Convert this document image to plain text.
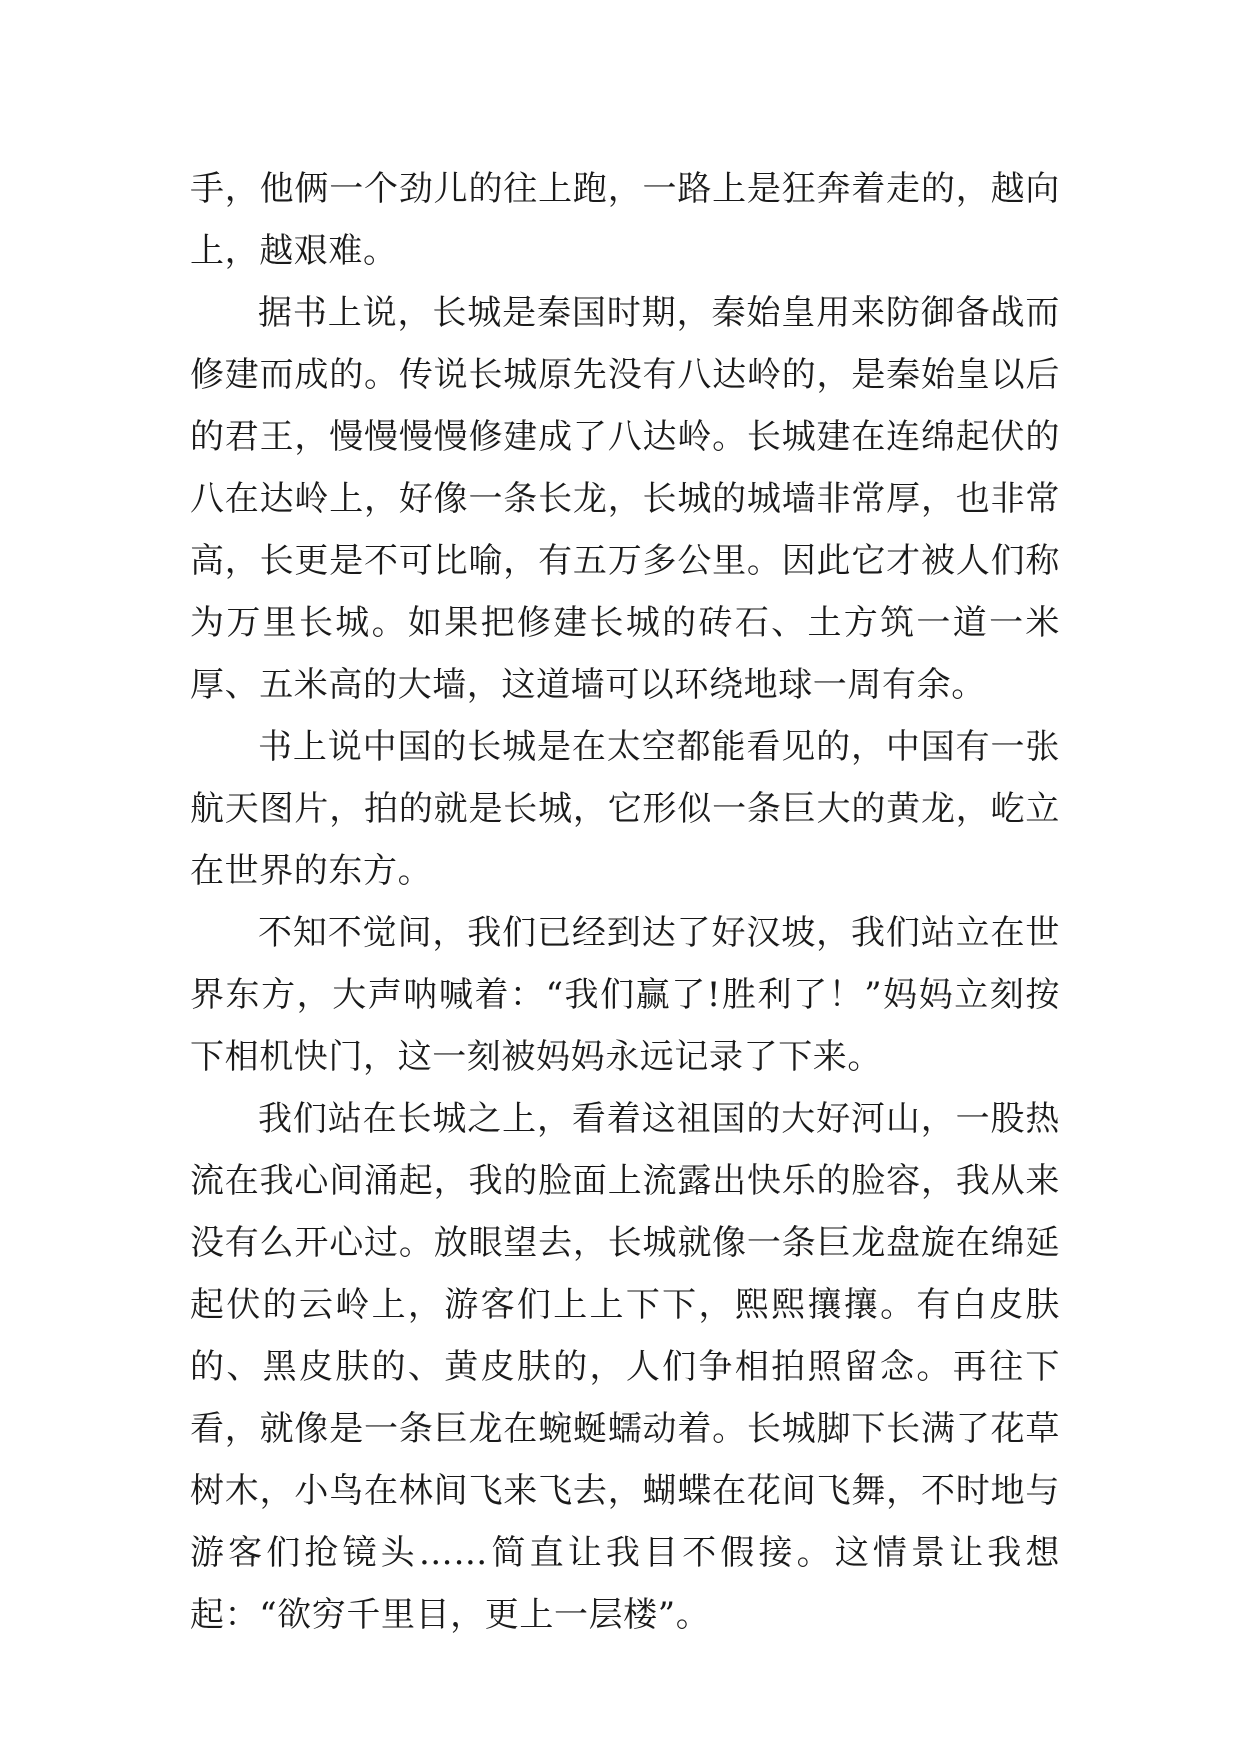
手，他俩一个劲儿的往上跑，一路上是狂奔着走的，越向上，越艰难。

据书上说，长城是秦国时期，秦始皇用来防御备战而修建而成的。传说长城原先没有八达岭的，是秦始皇以后的君王，慢慢慢慢修建成了八达岭。长城建在连绵起伏的八在达岭上，好像一条长龙，长城的城墙非常厚，也非常高，长更是不可比喻，有五万多公里。因此它才被人们称为万里长城。如果把修建长城的砖石、土方筑一道一米厚、五米高的大墙，这道墙可以环绕地球一周有余。

书上说中国的长城是在太空都能看见的，中国有一张航天图片，拍的就是长城，它形似一条巨大的黄龙，屹立在世界的东方。

不知不觉间，我们已经到达了好汉坡，我们站立在世界东方，大声呐喊着：“我们赢了!胜利了！”妈妈立刻按下相机快门，这一刻被妈妈永远记录了下来。

我们站在长城之上，看着这祖国的大好河山，一股热流在我心间涌起，我的脸面上流露出快乐的脸容，我从来没有么开心过。放眼望去，长城就像一条巨龙盘旋在绵延起伏的云岭上，游客们上上下下，熙熙攘攘。有白皮肤的、黑皮肤的、黄皮肤的，人们争相拍照留念。再往下看，就像是一条巨龙在蜿蜒蠕动着。长城脚下长满了花草树木，小鸟在林间飞来飞去，蝴蝶在花间飞舞，不时地与游客们抢镜头……简直让我目不假接。这情景让我想起：“欲穷千里目，更上一层楼”。
